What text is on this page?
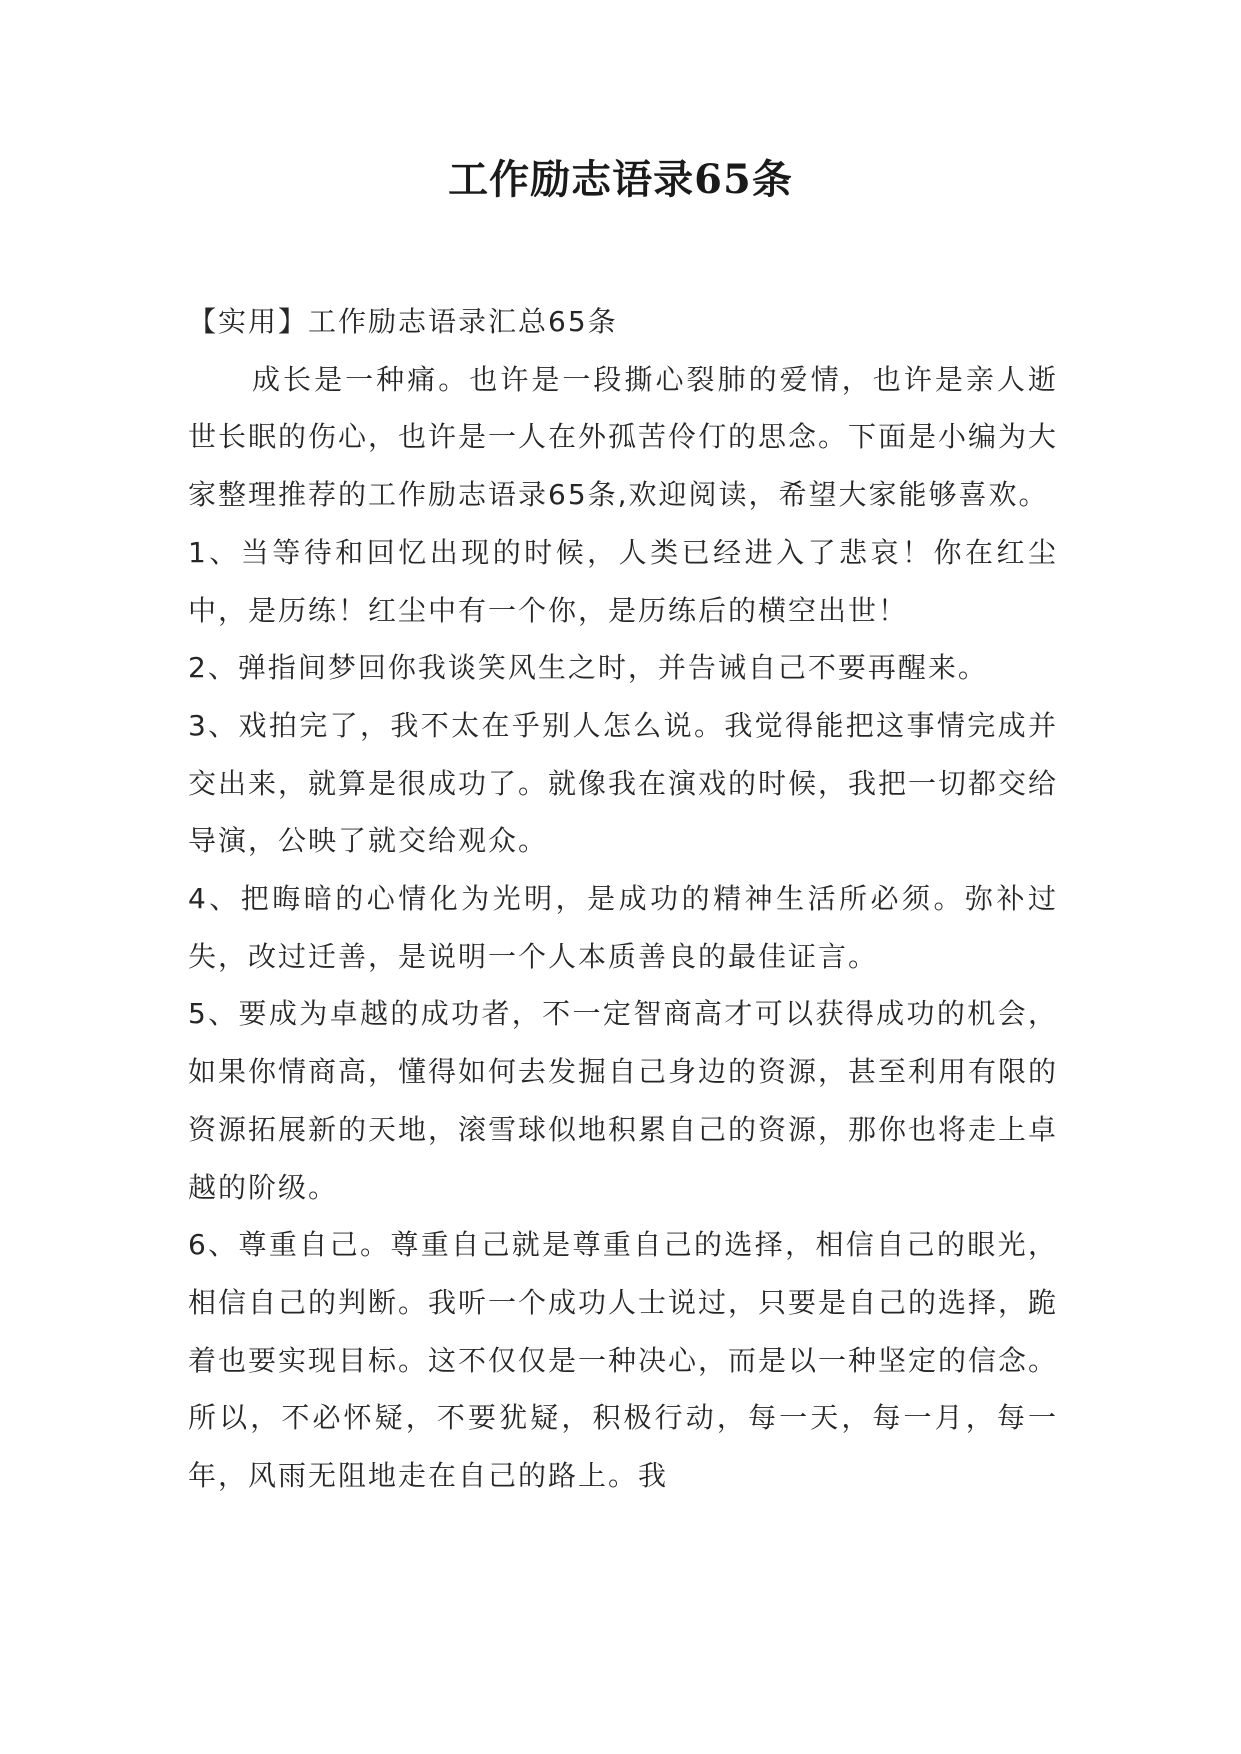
工作励志语录65条

【实用】工作励志语录汇总65条

成长是一种痛。也许是一段撕心裂肺的爱情，也许是亲人逝世长眠的伤心，也许是一人在外孤苦伶仃的思念。下面是小编为大家整理推荐的工作励志语录65条,欢迎阅读，希望大家能够喜欢。

1、当等待和回忆出现的时候，人类已经进入了悲哀！你在红尘中，是历练！红尘中有一个你，是历练后的横空出世！

2、弹指间梦回你我谈笑风生之时，并告诫自己不要再醒来。

3、戏拍完了，我不太在乎别人怎么说。我觉得能把这事情完成并交出来，就算是很成功了。就像我在演戏的时候，我把一切都交给导演，公映了就交给观众。

4、把晦暗的心情化为光明，是成功的精神生活所必须。弥补过失，改过迁善，是说明一个人本质善良的最佳证言。

5、要成为卓越的成功者，不一定智商高才可以获得成功的机会，如果你情商高，懂得如何去发掘自己身边的资源，甚至利用有限的资源拓展新的天地，滚雪球似地积累自己的资源，那你也将走上卓越的阶级。

6、尊重自己。尊重自己就是尊重自己的选择，相信自己的眼光，相信自己的判断。我听一个成功人士说过，只要是自己的选择，跪着也要实现目标。这不仅仅是一种决心，而是以一种坚定的信念。所以，不必怀疑，不要犹疑，积极行动，每一天，每一月，每一年，风雨无阻地走在自己的路上。我
